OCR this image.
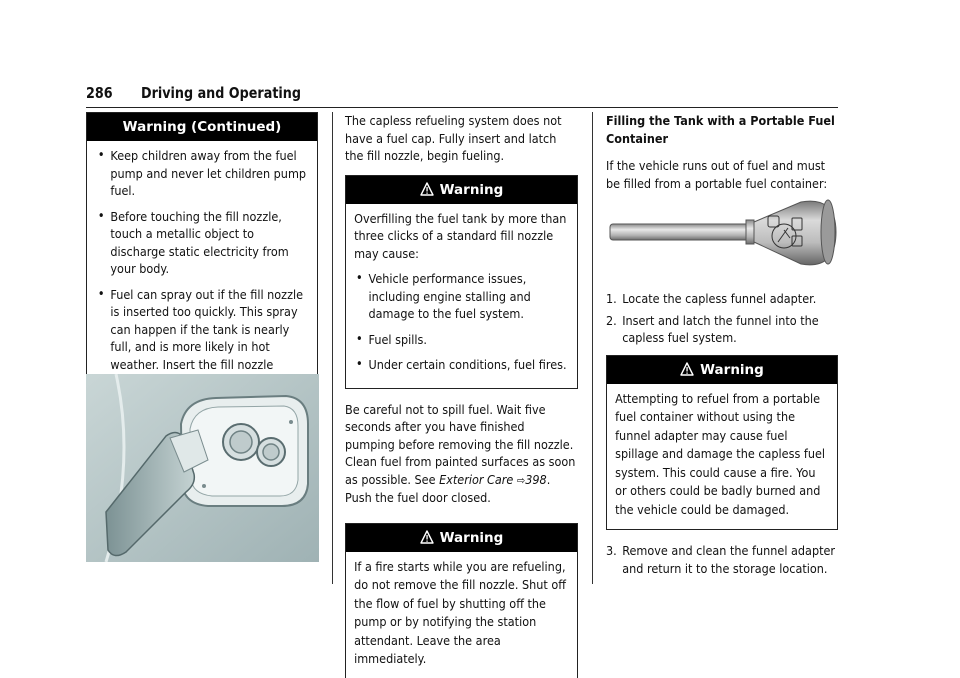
286 Driving and Operating
Warning (Continued)
• Keep children away from the fuel pump and never let children pump fuel.
• Before touching the fill nozzle, touch a metallic object to discharge static electricity from your body.
• Fuel can spray out if the fill nozzle is inserted too quickly. This spray can happen if the tank is nearly full, and is more likely in hot weather. Insert the fill nozzle

The capless refueling system does not have a fuel cap. Fully insert and latch the fill nozzle, begin fueling.

Warning

Overfilling the fuel tank by more than three clicks of a standard fill nozzle may cause:

• Vehicle performance issues, including engine stalling and damage to the fuel system.
• Fuel spills.
• Under certain conditions, fuel fires.

Be careful not to spill fuel. Wait five seconds after you have finished pumping before removing the fill nozzle. Clean fuel from painted surfaces as soon as possible. See Exterior Care ⇨398. Push the fuel door closed.

Warning

If a fire starts while you are refueling, do not remove the fill nozzle. Shut off the flow of fuel by shutting off the pump or by notifying the station attendant. Leave the area immediately.

Filling the Tank with a Portable Fuel Container

If the vehicle runs out of fuel and must be filled from a portable fuel container:

1. Locate the capless funnel adapter.
2. Insert and latch the funnel into the capless fuel system.
Warning

Attempting to refuel from a portable fuel container without using the funnel adapter may cause fuel spillage and damage the capless fuel system. This could cause a fire. You or others could be badly burned and the vehicle could be damaged.

3. Remove and clean the funnel adapter and return it to the storage location.
